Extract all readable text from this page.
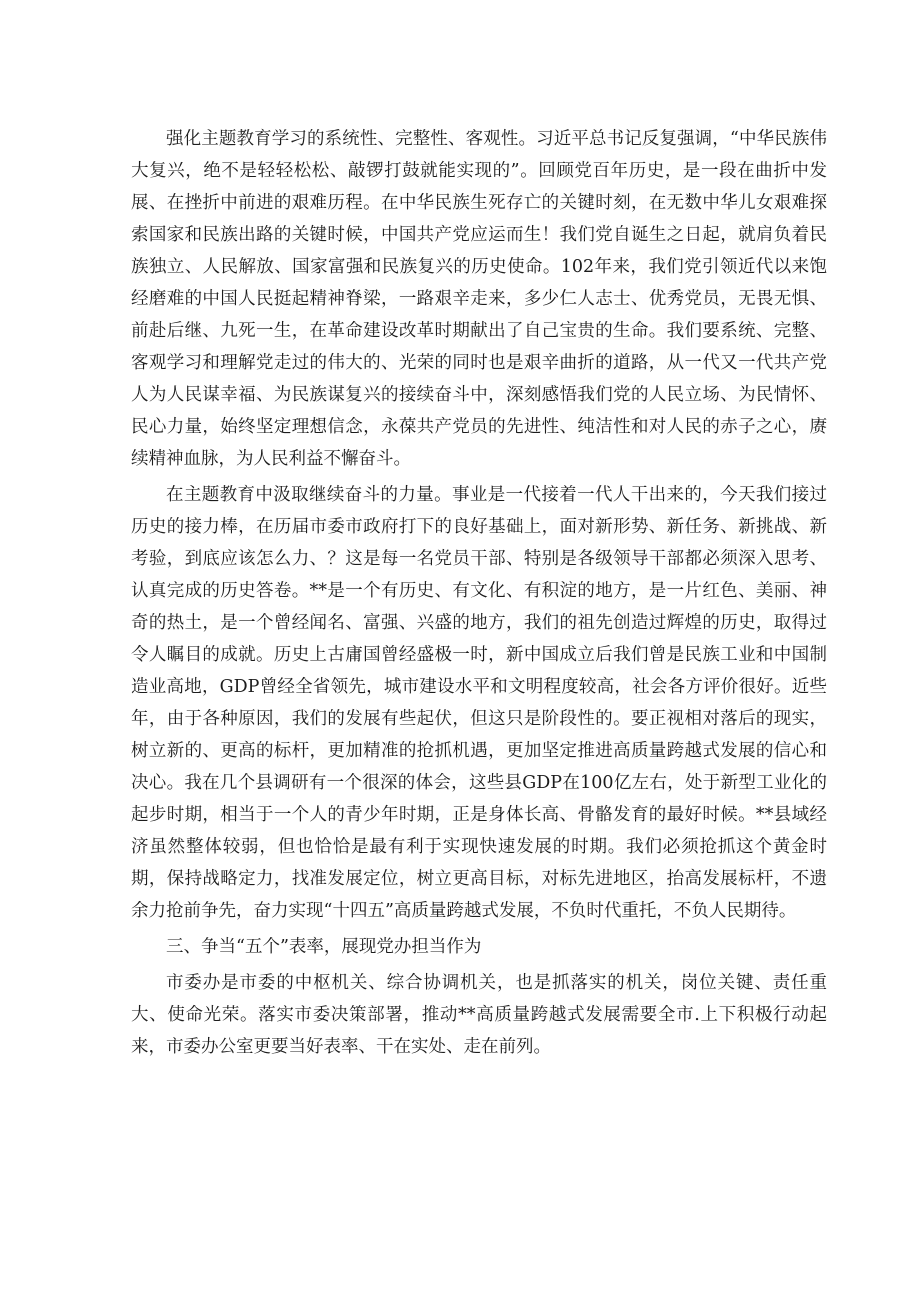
强化主题教育学习的系统性、完整性、客观性。习近平总书记反复强调，“中华民族伟大复兴，绝不是轻轻松松、敲锣打鼓就能实现的”。回顾党百年历史，是一段在曲折中发展、在挫折中前进的艰难历程。在中华民族生死存亡的关键时刻，在无数中华儿女艰难探索国家和民族出路的关键时候，中国共产党应运而生！我们党自诞生之日起，就肩负着民族独立、人民解放、国家富强和民族复兴的历史使命。102年来，我们党引领近代以来饱经磨难的中国人民挺起精神脊梁，一路艰辛走来，多少仁人志士、优秀党员，无畏无惧、前赴后继、九死一生，在革命建设改革时期献出了自己宝贵的生命。我们要系统、完整、客观学习和理解党走过的伟大的、光荣的同时也是艰辛曲折的道路，从一代又一代共产党人为人民谋幸福、为民族谋复兴的接续奋斗中，深刻感悟我们党的人民立场、为民情怀、民心力量，始终坚定理想信念，永葆共产党员的先进性、纯洁性和对人民的赤子之心，赓续精神血脉，为人民利益不懈奋斗。

在主题教育中汲取继续奋斗的力量。事业是一代接着一代人干出来的，今天我们接过历史的接力棒，在历届市委市政府打下的良好基础上，面对新形势、新任务、新挑战、新考验，到底应该怎么力、？这是每一名党员干部、特别是各级领导干部都必须深入思考、认真完成的历史答卷。**是一个有历史、有文化、有积淀的地方，是一片红色、美丽、神奇的热土，是一个曾经闻名、富强、兴盛的地方，我们的祖先创造过辉煌的历史，取得过令人瞩目的成就。历史上古庸国曾经盛极一时，新中国成立后我们曾是民族工业和中国制造业高地，GDP曾经全省领先，城市建设水平和文明程度较高，社会各方评价很好。近些年，由于各种原因，我们的发展有些起伏，但这只是阶段性的。要正视相对落后的现实，树立新的、更高的标杆，更加精准的抢抓机遇，更加坚定推进高质量跨越式发展的信心和决心。我在几个县调研有一个很深的体会，这些县GDP在100亿左右，处于新型工业化的起步时期，相当于一个人的青少年时期，正是身体长高、骨骼发育的最好时候。**县域经济虽然整体较弱，但也恰恰是最有利于实现快速发展的时期。我们必须抢抓这个黄金时期，保持战略定力，找准发展定位，树立更高目标，对标先进地区，抬高发展标杆，不遗余力抢前争先，奋力实现“十四五”高质量跨越式发展，不负时代重托，不负人民期待。

三、争当“五个”表率，展现党办担当作为

市委办是市委的中枢机关、综合协调机关，也是抓落实的机关，岗位关键、责任重大、使命光荣。落实市委决策部署，推动**高质量跨越式发展需要全市.上下积极行动起来，市委办公室更要当好表率、干在实处、走在前列。
